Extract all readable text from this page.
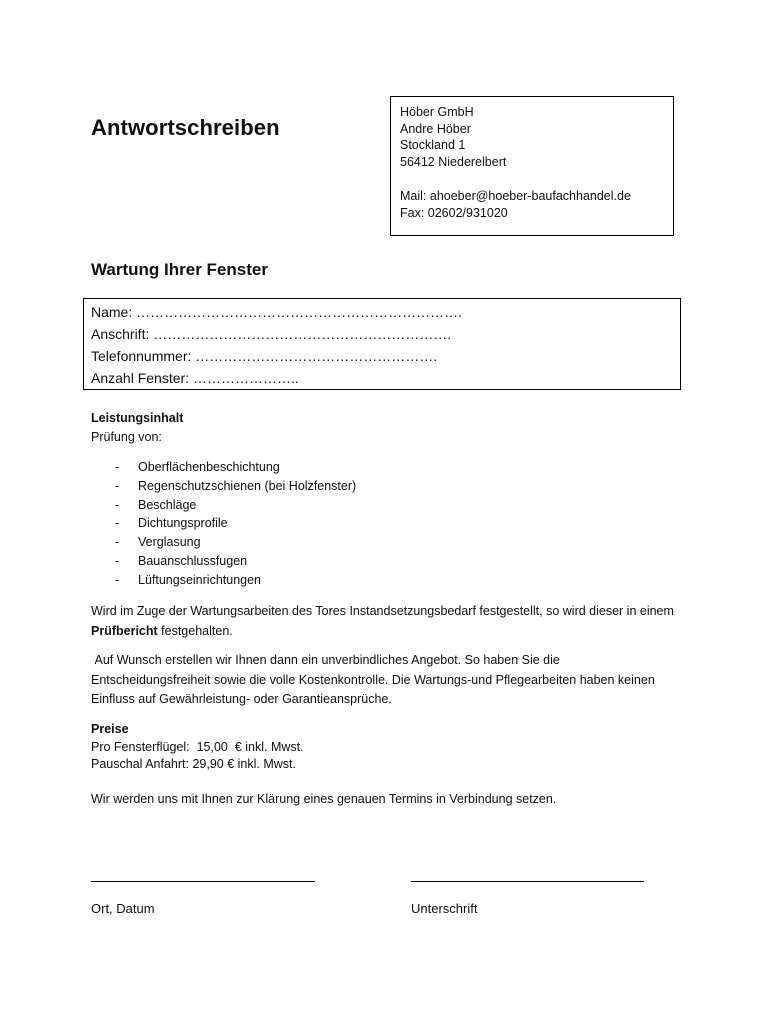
Antwortschreiben
Höber GmbH
Andre Höber
Stockland 1
56412 Niederelbert
Mail: ahoeber@hoeber-baufachhandel.de
Fax: 02602/931020
Wartung Ihrer Fenster
Name: …………………………………………………………….
Anschrift: ……………………………………………………….
Telefonnummer: …………………………………………….
Anzahl Fenster: …………………..
Leistungsinhalt
Prüfung von:
- Oberflächenbeschichtung
- Regenschutzschienen (bei Holzfenster)
- Beschläge
- Dichtungsprofile
- Verglasung
- Bauanschlussfugen
- Lüftungseinrichtungen
Wird im Zuge der Wartungsarbeiten des Tores Instandsetzungsbedarf festgestellt, so wird dieser in einem Prüfbericht festgehalten.
Auf Wunsch erstellen wir Ihnen dann ein unverbindliches Angebot. So haben Sie die Entscheidungsfreiheit sowie die volle Kostenkontrolle. Die Wartungs-und Pflegearbeiten haben keinen Einfluss auf Gewährleistung- oder Garantieansprüche.
Preise
Pro Fensterflügel:  15,00  € inkl. Mwst.
Pauschal Anfahrt: 29,90 € inkl. Mwst.
Wir werden uns mit Ihnen zur Klärung eines genauen Termins in Verbindung setzen.
Ort, Datum	Unterschrift
